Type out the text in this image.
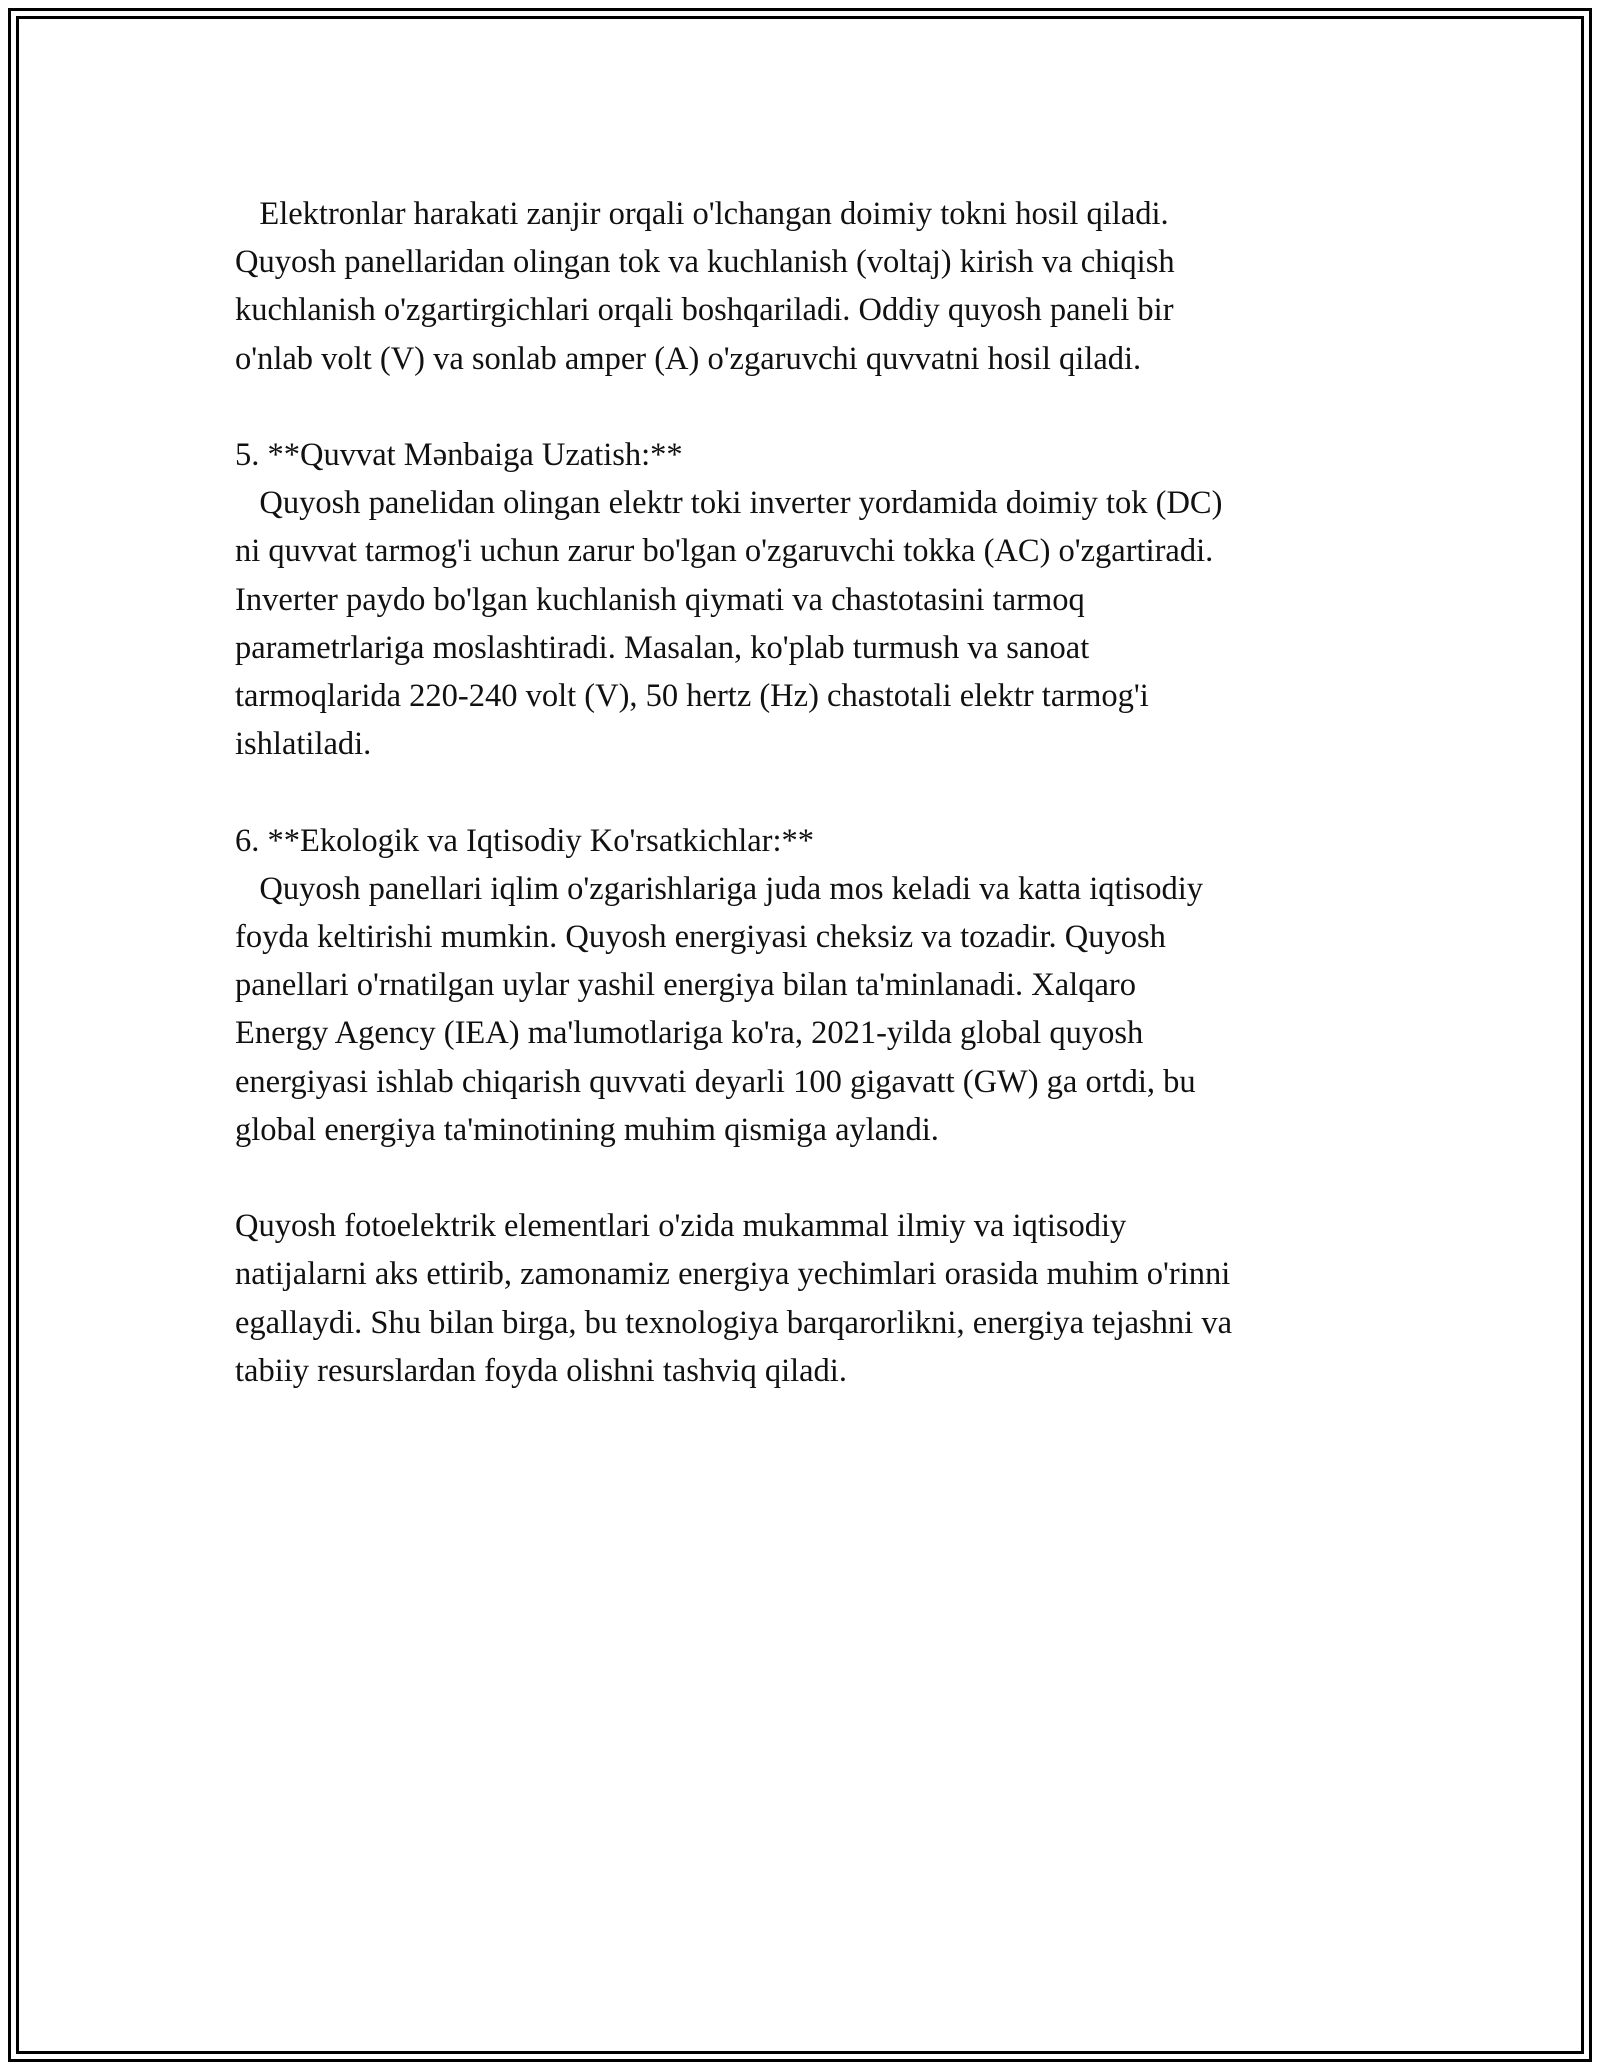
Elektronlar harakati zanjir orqali o'lchangan doimiy tokni hosil qiladi.

Quyosh panellaridan olingan tok va kuchlanish (voltaj) kirish va chiqish

kuchlanish o'zgartirgichlari orqali boshqariladi. Oddiy quyosh paneli bir

o'nlab volt (V) va sonlab amper (A) o'zgaruvchi quvvatni hosil qiladi.

5. **Quvvat Mənbaiga Uzatish:**

Quyosh panelidan olingan elektr toki inverter yordamida doimiy tok (DC)

ni quvvat tarmog'i uchun zarur bo'lgan o'zgaruvchi tokka (AC) o'zgartiradi.

Inverter paydo bo'lgan kuchlanish qiymati va chastotasini tarmoq

parametrlariga moslashtiradi. Masalan, ko'plab turmush va sanoat

tarmoqlarida 220-240 volt (V), 50 hertz (Hz) chastotali elektr tarmog'i

ishlatiladi.

6. **Ekologik va Iqtisodiy Ko'rsatkichlar:**

Quyosh panellari iqlim o'zgarishlariga juda mos keladi va katta iqtisodiy

foyda keltirishi mumkin. Quyosh energiyasi cheksiz va tozadir. Quyosh

panellari o'rnatilgan uylar yashil energiya bilan ta'minlanadi. Xalqaro

Energy Agency (IEA) ma'lumotlariga ko'ra, 2021-yilda global quyosh

energiyasi ishlab chiqarish quvvati deyarli 100 gigavatt (GW) ga ortdi, bu

global energiya ta'minotining muhim qismiga aylandi.

Quyosh fotoelektrik elementlari o'zida mukammal ilmiy va iqtisodiy

natijalarni aks ettirib, zamonamiz energiya yechimlari orasida muhim o'rinni

egallaydi. Shu bilan birga, bu texnologiya barqarorlikni, energiya tejashni va

tabiiy resurslardan foyda olishni tashviq qiladi.
